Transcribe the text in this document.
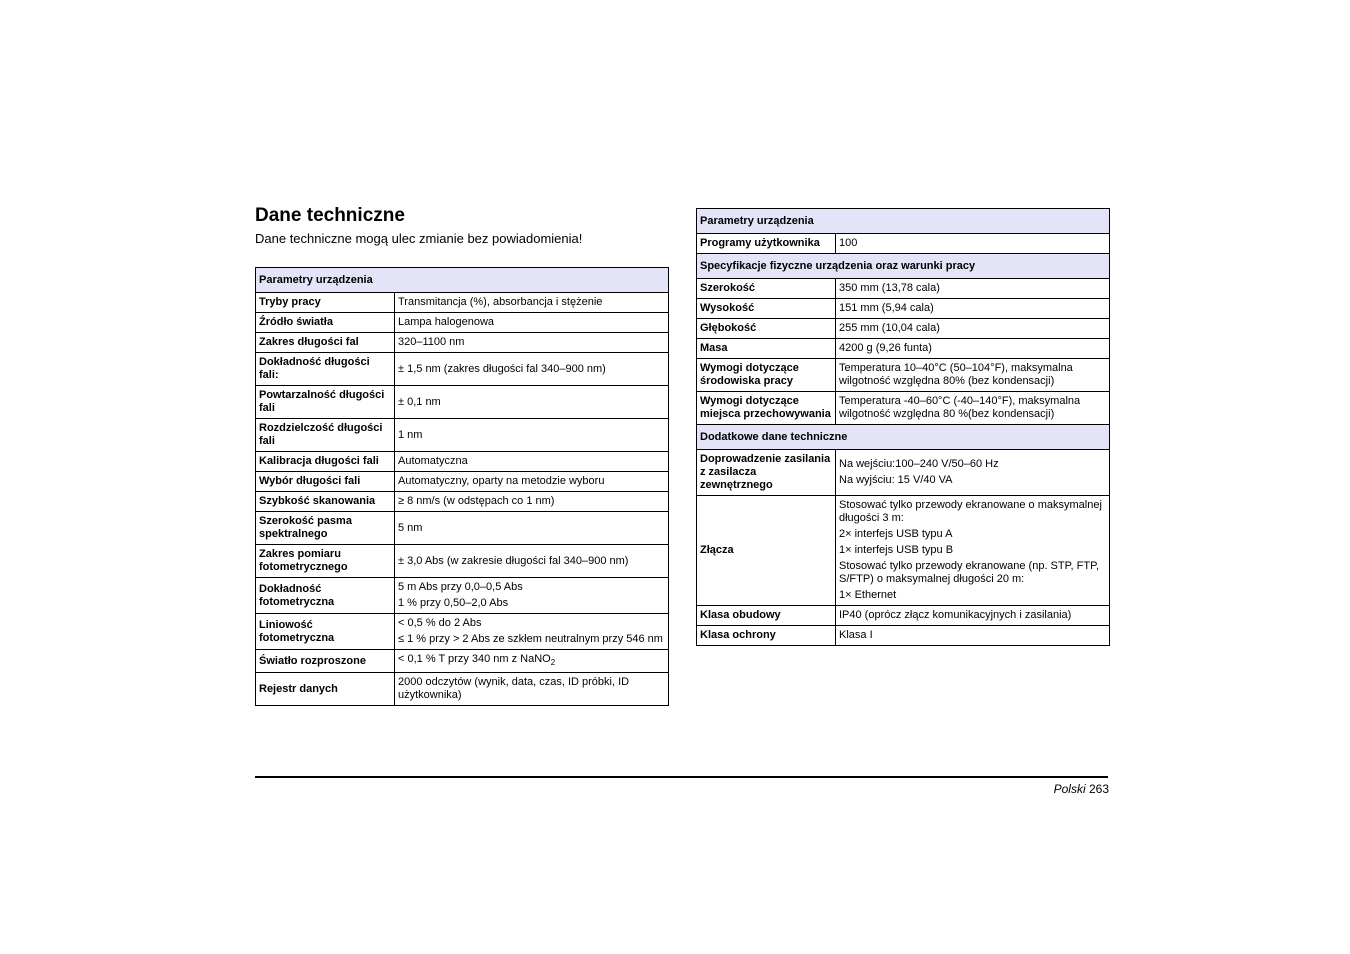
Dane techniczne
Dane techniczne mogą ulec zmianie bez powiadomienia!
Parametry urządzenia	
Tryby pracy	Transmitancja (%), absorbancja i stężenie

Źródło światła	Lampa halogenowa

Zakres długości fal	320–1100 nm

Dokładność długości fali:	± 1,5 nm (zakres długości fal 340–900 nm)

Powtarzalność długości fali	± 0,1 nm

Rozdzielczość długości fali	1 nm

Kalibracja długości fali	Automatyczna

Wybór długości fali	Automatyczny, oparty na metodzie wyboru

Szybkość skanowania	≥ 8 nm/s (w odstępach co 1 nm)

Szerokość pasma spektralnego	5 nm

Zakres pomiaru fotometrycznego	± 3,0 Abs (w zakresie długości fal 340–900 nm)

Dokładność fotometryczna	5 m Abs przy 0,0–0,5 Abs
1 % przy 0,50–2,0 Abs

Liniowość fotometryczna	< 0,5 % do 2 Abs
≤ 1 % przy > 2 Abs ze szkłem neutralnym przy 546 nm

Światło rozproszone	< 0,1 % T przy 340 nm z NaNO$_2$
Rejestr danych	2000 odczytów (wynik, data, czas, ID próbki, ID użytkownika)
Parametry urządzenia	
Programy użytkownika	100

Specyfikacje fizyczne urządzenia oraz warunki pracy	
Szerokość	350 mm (13,78 cala)

Wysokość	151 mm (5,94 cala)

Głębokość	255 mm (10,04 cala)

Masa	4200 g (9,26 funta)

Wymogi dotyczące środowiska pracy	Temperatura 10–40°C (50–104°F), maksymalna wilgotność względna 80% (bez kondensacji)

Wymogi dotyczące miejsca przechowywania	Temperatura -40–60°C (-40–140°F), maksymalna wilgotność względna 80 %(bez kondensacji)

Dodatkowe dane techniczne	
Doprowadzenie zasilania z zasilacza zewnętrznego	Na wejściu:100–240 V/50–60 Hz
Na wyjściu: 15 V/40 VA

Złącza	Stosować tylko przewody ekranowane o maksymalnej długości 3 m:
2× interfejs USB typu A
1× interfejs USB typu B
Stosować tylko przewody ekranowane (np. STP, FTP, S/FTP) o maksymalnej długości 20 m:
1× Ethernet

Klasa obudowy	IP40 (oprócz złącz komunikacyjnych i zasilania)

Klasa ochrony	Klasa I
Polski 263
